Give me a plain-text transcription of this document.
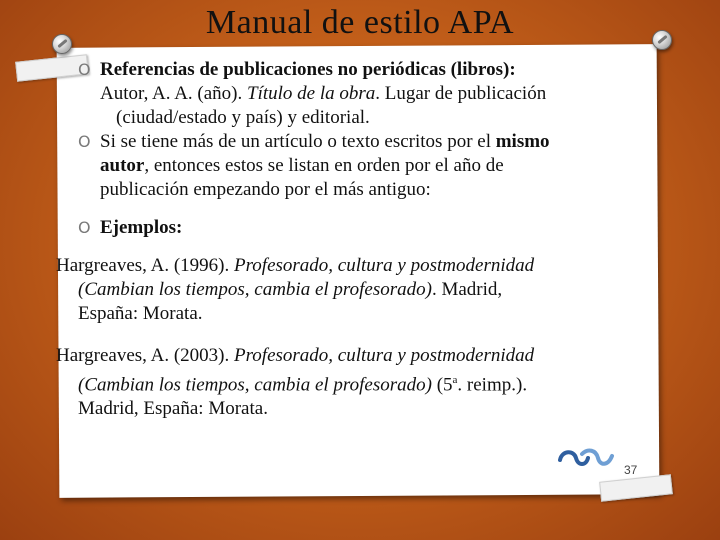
Manual de estilo APA
O Referencias de publicaciones no periódicas (libros):
Autor, A. A. (año). Título de la obra. Lugar de publicación
(ciudad/estado y país) y editorial.
O Si se tiene más de un artículo o texto escritos por el mismo
autor, entonces estos se listan en orden por el año de
publicación empezando por el más antiguo:
O Ejemplos:
Hargreaves, A. (1996). Profesorado, cultura y postmodernidad
(Cambian los tiempos, cambia el profesorado). Madrid,
España: Morata.
Hargreaves, A. (2003). Profesorado, cultura y postmodernidad
(Cambian los tiempos, cambia el profesorado) (5$^a$. reimp.).
Madrid, España: Morata.
37
